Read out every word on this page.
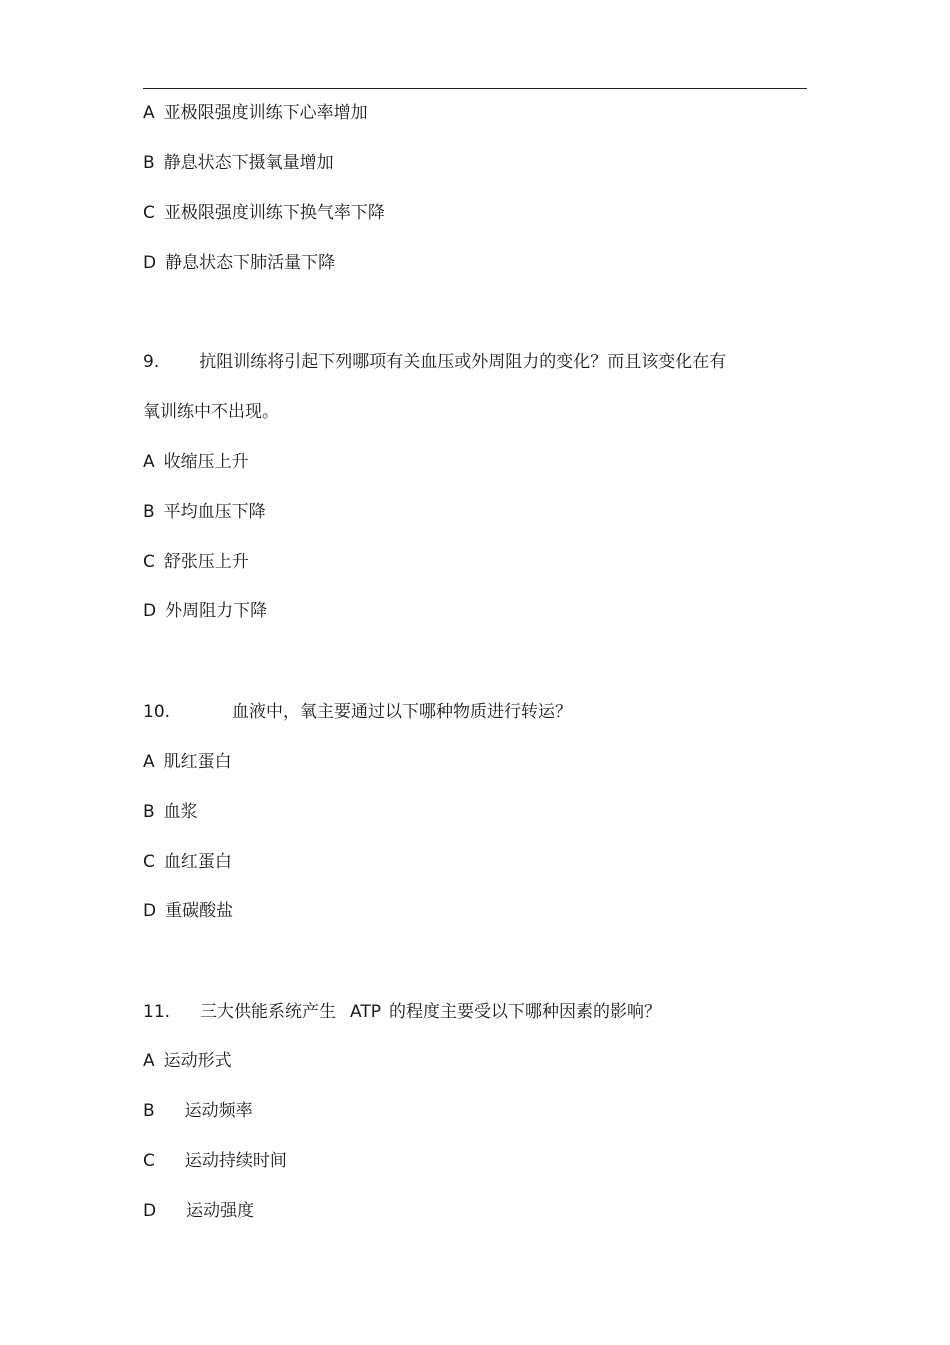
A 亚极限强度训练下心率增加
B 静息状态下摄氧量增加
C 亚极限强度训练下换气率下降
D 静息状态下肺活量下降
9. 抗阻训练将引起下列哪项有关血压或外周阻力的变化？而且该变化在有
氧训练中不出现。
A 收缩压上升
B 平均血压下降
C 舒张压上升
D 外周阻力下降
10.	血液中，氧主要通过以下哪种物质进行转运？
A 肌红蛋白
B 血浆
C 血红蛋白
D 重碳酸盐
11. 三大供能系统产生 ATP 的程度主要受以下哪种因素的影响？
A 运动形式
B 运动频率
C 运动持续时间
D 运动强度
